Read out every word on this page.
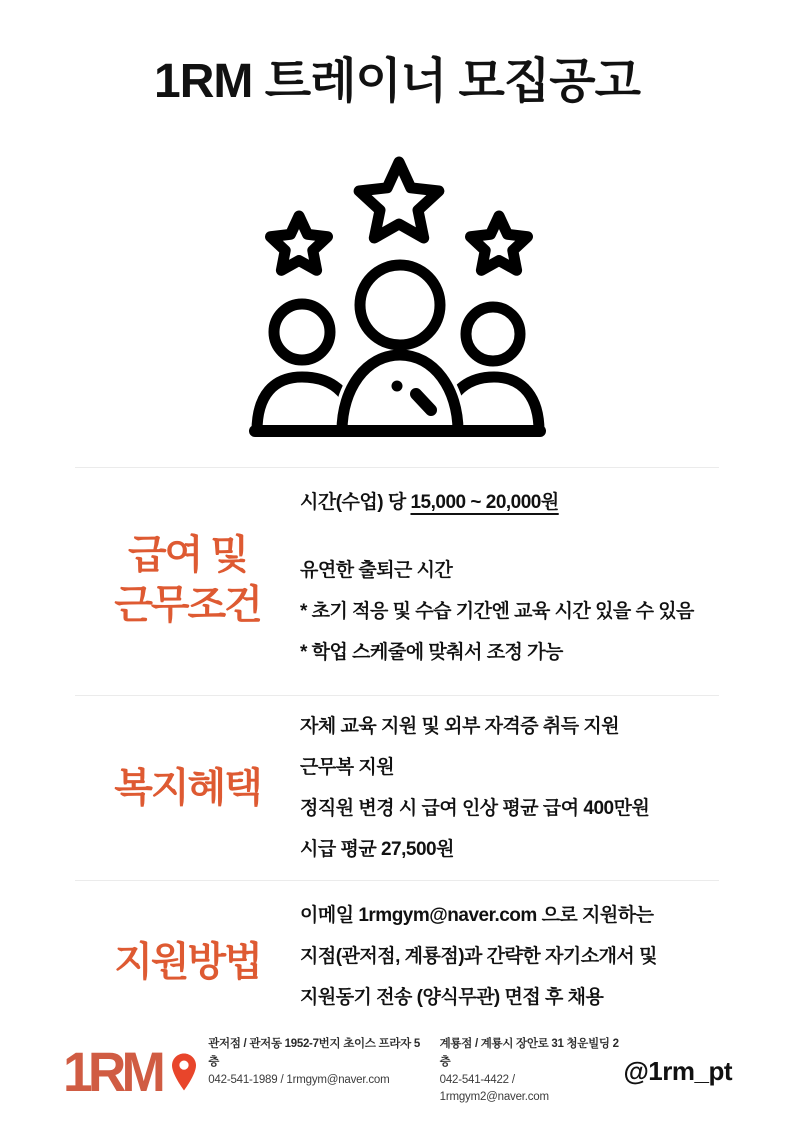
1RM 트레이너 모집공고
급여 및
근무조건
시간(수업) 당 15,000 ~ 20,000원
유연한 출퇴근 시간
* 초기 적응 및 수습 기간엔 교육 시간 있을 수 있음
* 학업 스케줄에 맞춰서 조정 가능
복지혜택
자체 교육 지원 및 외부 자격증 취득 지원
근무복 지원
정직원 변경 시 급여 인상 평균 급여 400만원
시급 평균 27,500원
지원방법
이메일 1rmgym@naver.com 으로 지원하는
지점(관저점, 계룡점)과 간략한 자기소개서 및
지원동기 전송 (양식무관) 면접 후 채용
1RM	관저점 / 관저동 1952-7번지 초이스 프라자 5층
042-541-1989 / 1rmgym@naver.com
계룡점 / 계룡시 장안로 31 청운빌딩 2층
042-541-4422 / 1rmgym2@naver.com
@1rm_pt
